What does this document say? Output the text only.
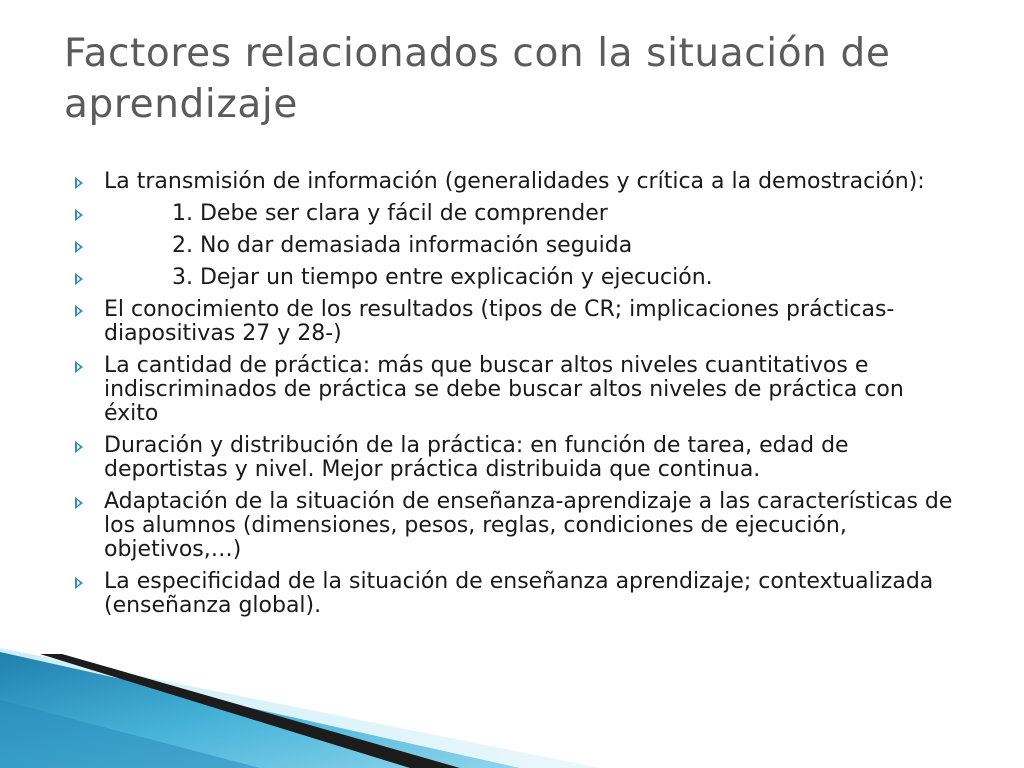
Factores relacionados con la situación de aprendizaje
La transmisión de información (generalidades y crítica a la demostración):
1. Debe ser clara y fácil de comprender
2. No dar demasiada información seguida
3. Dejar un tiempo entre explicación y ejecución.
El conocimiento de los resultados (tipos de CR; implicaciones prácticas- diapositivas 27 y 28-)
La cantidad de práctica: más que buscar altos niveles cuantitativos e indiscriminados de práctica se debe buscar altos niveles de práctica con éxito
Duración y distribución de la práctica: en función de tarea, edad de deportistas y nivel. Mejor práctica distribuida que continua.
Adaptación de la situación de enseñanza-aprendizaje a las características de los alumnos (dimensiones, pesos, reglas, condiciones de ejecución, objetivos,…)
La especificidad de la situación de enseñanza aprendizaje; contextualizada (enseñanza global).
